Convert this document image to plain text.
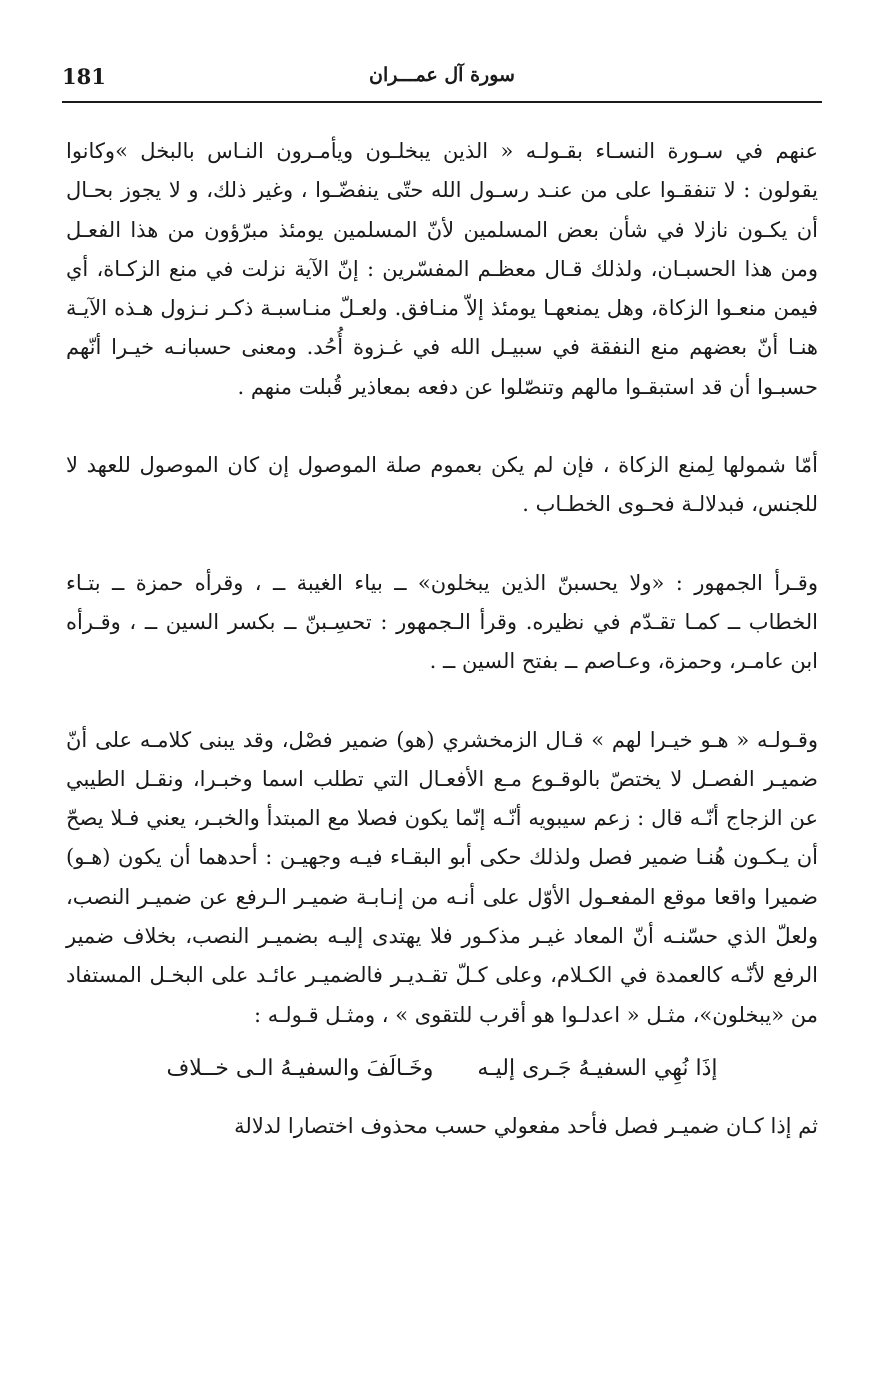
181	سورة آل عمـــران

عنهم في سـورة النسـاء بقـولـه « الذين يبخلـون ويأمـرون النـاس بالبخل »وكانوا يقولون : لا تنفقـوا على من عنـد رسـول الله حتّى ينفضّـوا ، وغير ذلك، و لا يجوز بحـال أن يكـون نازلا في شأن بعض المسلمين لأنّ المسلمين يومئذ مبرّؤون من هذا الفعـل ومن هذا الحسبـان، ولذلك قـال معظـم المفسّرين : إنّ الآية نزلت في منع الزكـاة، أي فيمن منعـوا الزكاة، وهل يمنعهـا يومئذ إلاّ منـافق. ولعـلّ منـاسبـة ذكـر نـزول هـذه الآيـة هنـا أنّ بعضهم منع النفقة في سبيـل الله في غـزوة أُحُد. ومعنى حسبانـه خيـرا أنّهم حسبـوا أن قد استبقـوا مالهم وتنصّلوا عن دفعه بمعاذير قُبلت منهم .

أمّا شمولها لِمنع الزكاة ، فإن لم يكن بعموم صلة الموصول إن كان الموصول للعهد لا للجنس، فبدلالـة فحـوى الخطـاب .

وقـرأ الجمهور : «ولا يحسبنّ الذين يبخلون» ــ بياء الغيبة ــ ، وقرأه حمزة ــ بتـاء الخطاب ــ كمـا تقـدّم في نظيره. وقرأ الـجمهور : تحسِـبنّ ــ بكسر السين ــ ، وقـرأه ابن عامـر، وحمزة، وعـاصم ــ بفتح السين ــ .

وقـولـه « هـو خيـرا لهم » قـال الزمخشري (هو) ضمير فصْل، وقد يبنى كلامـه على أنّ ضميـر الفصـل لا يختصّ بالوقـوع مـع الأفعـال التي تطلب اسما وخبـرا، ونقـل الطيبي عن الزجاج أنّـه قال : زعم سيبويه أنّـه إنّما يكون فصلا مع المبتدأ والخبـر، يعني فـلا يصحّ أن يـكـون هُنـا ضمير فصل ولذلك حكى أبو البقـاء فيـه وجهيـن : أحدهما أن يكون (هـو) ضميرا واقعا موقع المفعـول الأوّل على أنـه من إنـابـة ضميـر الـرفع عن ضميـر النصب، ولعلّ الذي حسّنـه أنّ المعاد غيـر مذكـور فلا يهتدى إليـه بضميـر النصب، بخلاف ضمير الرفع لأنّـه كالعمدة في الكـلام، وعلى كـلّ تقـديـر فالضميـر عائـد على البخـل المستفاد من «يبخلون»، مثـل « اعدلـوا هو أقرب للتقوى » ، ومثـل قـولـه :

إذَا نُهِي السفيـهُ جَـرى إليـه
وخَـالَفَ والسفيـهُ الـى خــلاف

ثم إذا كـان ضميـر فصل فأحد مفعولي حسب محذوف اختصارا لدلالة
